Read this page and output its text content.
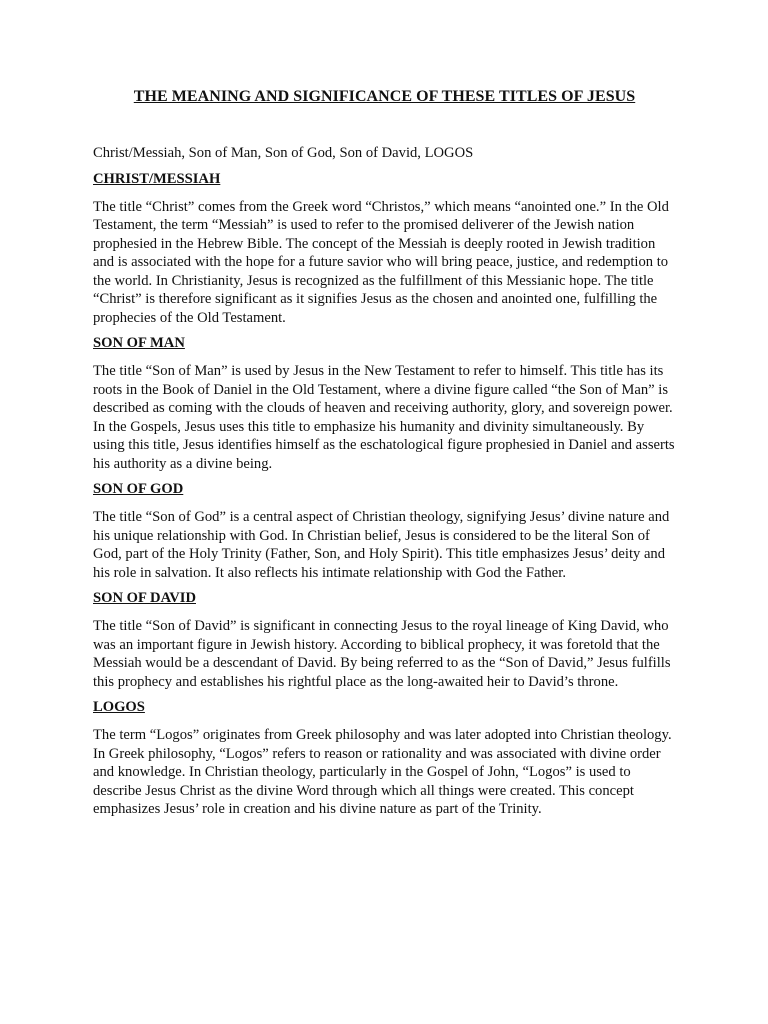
THE MEANING AND SIGNIFICANCE OF THESE TITLES OF JESUS

Christ/Messiah, Son of Man, Son of God, Son of David, LOGOS

CHRIST/MESSIAH

The title “Christ” comes from the Greek word “Christos,” which means “anointed one.” In the Old Testament, the term “Messiah” is used to refer to the promised deliverer of the Jewish nation prophesied in the Hebrew Bible. The concept of the Messiah is deeply rooted in Jewish tradition and is associated with the hope for a future savior who will bring peace, justice, and redemption to the world. In Christianity, Jesus is recognized as the fulfillment of this Messianic hope. The title “Christ” is therefore significant as it signifies Jesus as the chosen and anointed one, fulfilling the prophecies of the Old Testament.

SON OF MAN

The title “Son of Man” is used by Jesus in the New Testament to refer to himself. This title has its roots in the Book of Daniel in the Old Testament, where a divine figure called “the Son of Man” is described as coming with the clouds of heaven and receiving authority, glory, and sovereign power. In the Gospels, Jesus uses this title to emphasize his humanity and divinity simultaneously. By using this title, Jesus identifies himself as the eschatological figure prophesied in Daniel and asserts his authority as a divine being.

SON OF GOD

The title “Son of God” is a central aspect of Christian theology, signifying Jesus’ divine nature and his unique relationship with God. In Christian belief, Jesus is considered to be the literal Son of God, part of the Holy Trinity (Father, Son, and Holy Spirit). This title emphasizes Jesus’ deity and his role in salvation. It also reflects his intimate relationship with God the Father.

SON OF DAVID

The title “Son of David” is significant in connecting Jesus to the royal lineage of King David, who was an important figure in Jewish history. According to biblical prophecy, it was foretold that the Messiah would be a descendant of David. By being referred to as the “Son of David,” Jesus fulfills this prophecy and establishes his rightful place as the long-awaited heir to David’s throne.

LOGOS

The term “Logos” originates from Greek philosophy and was later adopted into Christian theology. In Greek philosophy, “Logos” refers to reason or rationality and was associated with divine order and knowledge. In Christian theology, particularly in the Gospel of John, “Logos” is used to describe Jesus Christ as the divine Word through which all things were created. This concept emphasizes Jesus’ role in creation and his divine nature as part of the Trinity.
